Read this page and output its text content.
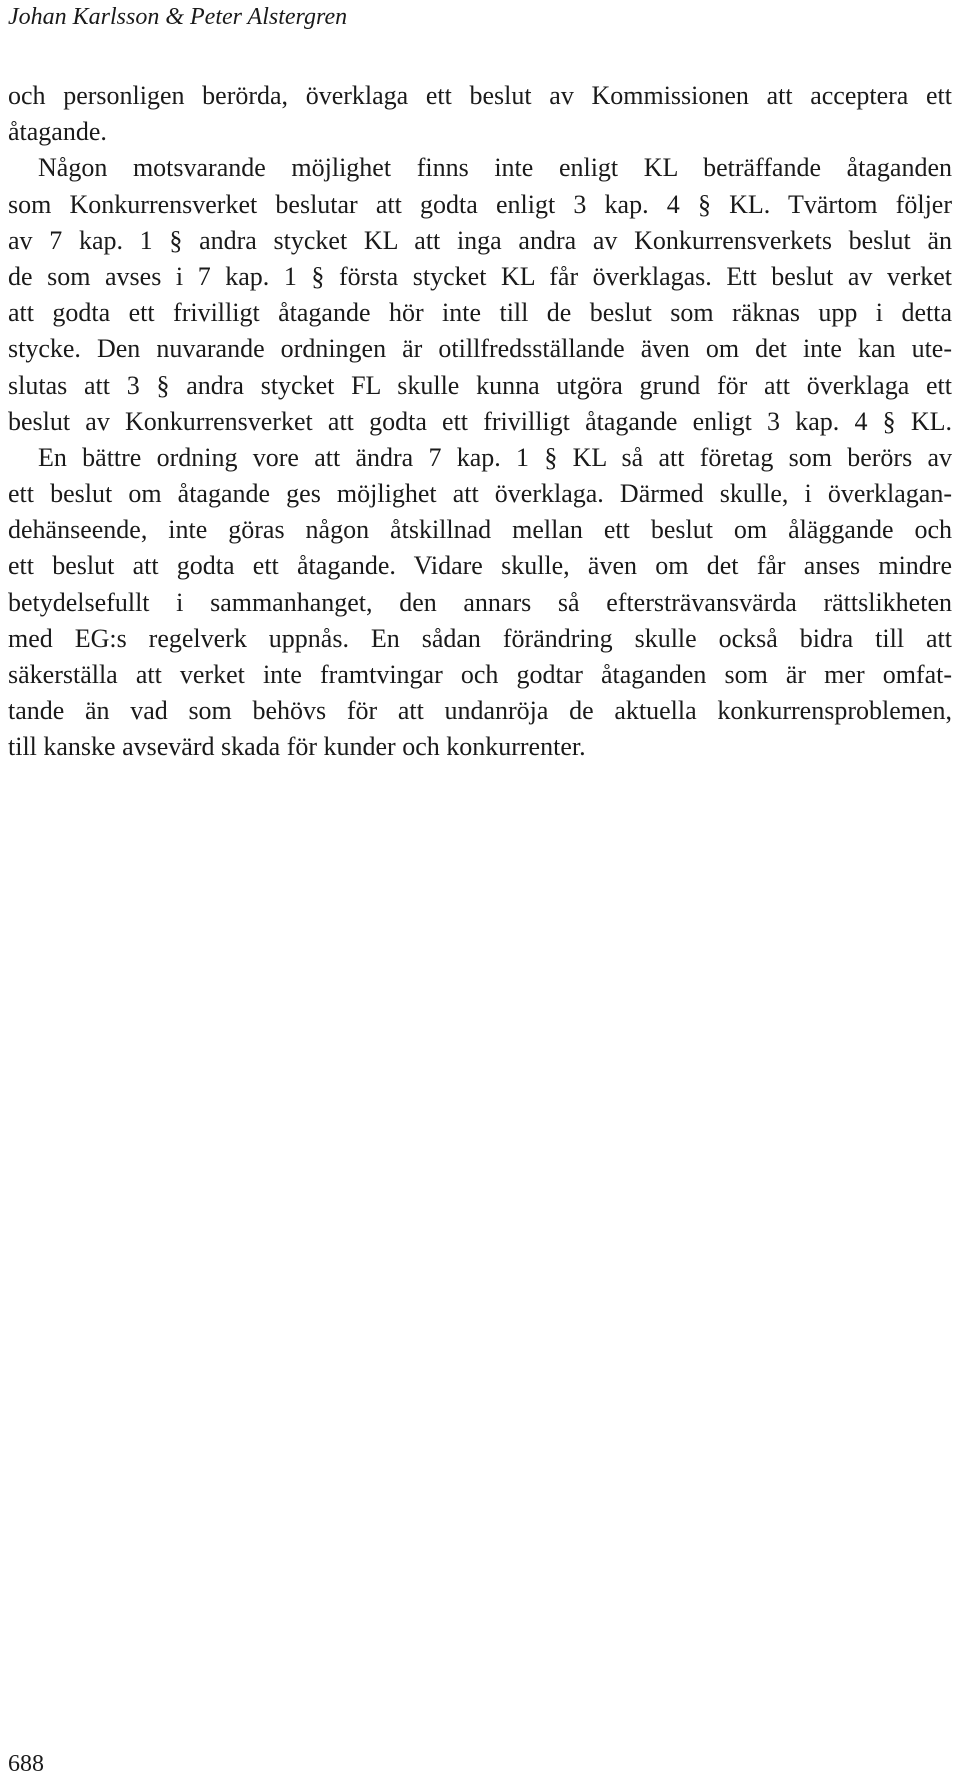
Johan Karlsson & Peter Alstergren
och personligen berörda, överklaga ett beslut av Kommissionen att acceptera ett
åtagande.
Någon motsvarande möjlighet finns inte enligt KL beträffande åtaganden
som Konkurrensverket beslutar att godta enligt 3 kap. 4 § KL. Tvärtom följer
av 7 kap. 1 § andra stycket KL att inga andra av Konkurrensverkets beslut än
de som avses i 7 kap. 1 § första stycket KL får överklagas. Ett beslut av verket
att godta ett frivilligt åtagande hör inte till de beslut som räknas upp i detta
stycke. Den nuvarande ordningen är otillfredsställande även om det inte kan ute-
slutas att 3 § andra stycket FL skulle kunna utgöra grund för att överklaga ett
beslut av Konkurrensverket att godta ett frivilligt åtagande enligt 3 kap. 4 § KL.
En bättre ordning vore att ändra 7 kap. 1 § KL så att företag som berörs av
ett beslut om åtagande ges möjlighet att överklaga. Därmed skulle, i överklagan-
dehänseende, inte göras någon åtskillnad mellan ett beslut om åläggande och
ett beslut att godta ett åtagande. Vidare skulle, även om det får anses mindre
betydelsefullt i sammanhanget, den annars så eftersträvansvärda rättslikheten
med EG:s regelverk uppnås. En sådan förändring skulle också bidra till att
säkerställa att verket inte framtvingar och godtar åtaganden som är mer omfat-
tande än vad som behövs för att undanröja de aktuella konkurrensproblemen,
till kanske avsevärd skada för kunder och konkurrenter.
688
